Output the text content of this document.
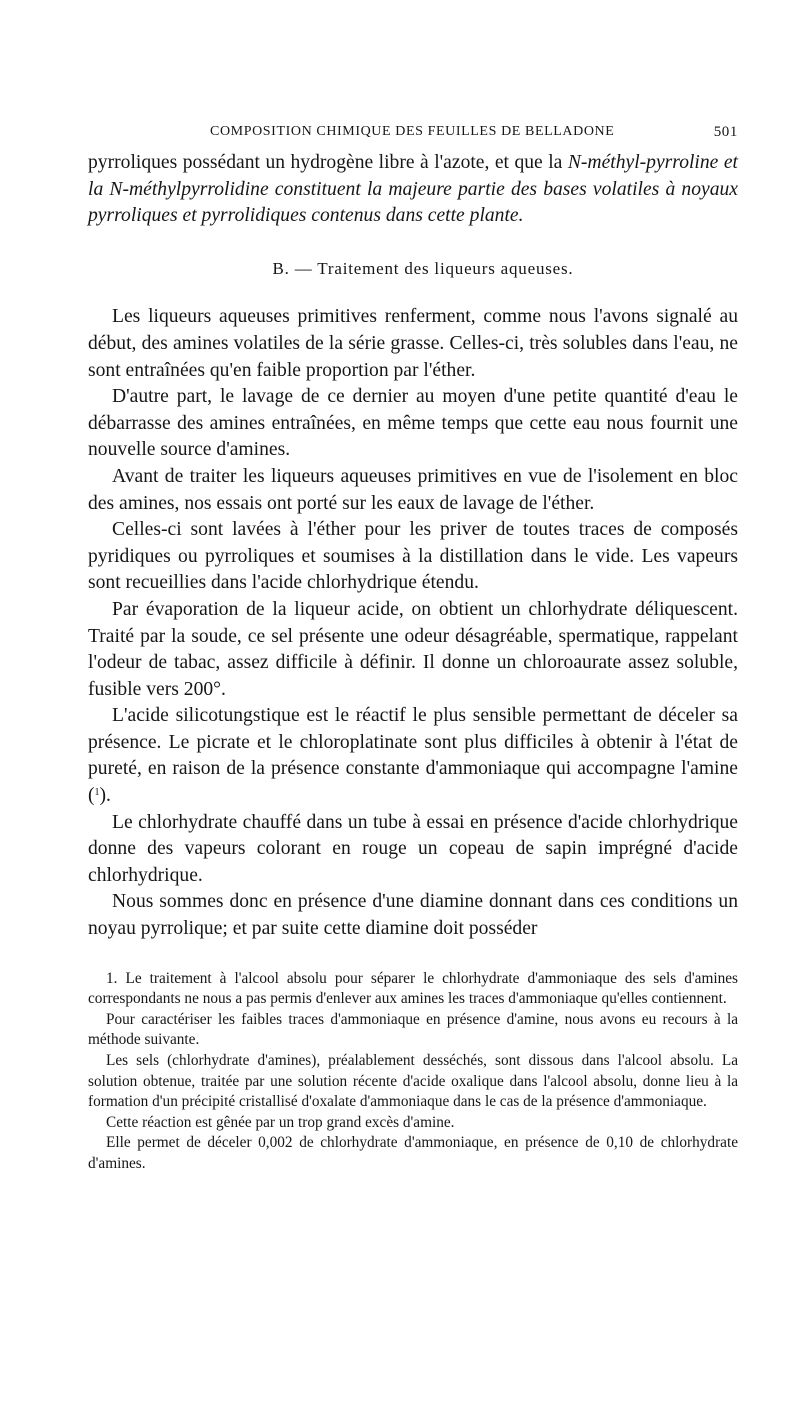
COMPOSITION CHIMIQUE DES FEUILLES DE BELLADONE	501

pyrroliques possédant un hydrogène libre à l'azote, et que la N-méthyl-pyrroline et la N-méthylpyrrolidine constituent la majeure partie des bases volatiles à noyaux pyrroliques et pyrrolidiques contenus dans cette plante.

B. — Traitement des liqueurs aqueuses.

Les liqueurs aqueuses primitives renferment, comme nous l'avons signalé au début, des amines volatiles de la série grasse. Celles-ci, très solubles dans l'eau, ne sont entraînées qu'en faible proportion par l'éther.

D'autre part, le lavage de ce dernier au moyen d'une petite quantité d'eau le débarrasse des amines entraînées, en même temps que cette eau nous fournit une nouvelle source d'amines.

Avant de traiter les liqueurs aqueuses primitives en vue de l'isolement en bloc des amines, nos essais ont porté sur les eaux de lavage de l'éther.

Celles-ci sont lavées à l'éther pour les priver de toutes traces de composés pyridiques ou pyrroliques et soumises à la distillation dans le vide. Les vapeurs sont recueillies dans l'acide chlorhydrique étendu.

Par évaporation de la liqueur acide, on obtient un chlorhydrate déliquescent. Traité par la soude, ce sel présente une odeur désagréable, spermatique, rappelant l'odeur de tabac, assez difficile à définir. Il donne un chloroaurate assez soluble, fusible vers 200°.

L'acide silicotungstique est le réactif le plus sensible permettant de déceler sa présence. Le picrate et le chloroplatinate sont plus difficiles à obtenir à l'état de pureté, en raison de la présence constante d'ammoniaque qui accompagne l'amine ($^1$).

Le chlorhydrate chauffé dans un tube à essai en présence d'acide chlorhydrique donne des vapeurs colorant en rouge un copeau de sapin imprégné d'acide chlorhydrique.

Nous sommes donc en présence d'une diamine donnant dans ces conditions un noyau pyrrolique; et par suite cette diamine doit posséder

1. Le traitement à l'alcool absolu pour séparer le chlorhydrate d'ammoniaque des sels d'amines correspondants ne nous a pas permis d'enlever aux amines les traces d'ammoniaque qu'elles contiennent.

Pour caractériser les faibles traces d'ammoniaque en présence d'amine, nous avons eu recours à la méthode suivante.

Les sels (chlorhydrate d'amines), préalablement desséchés, sont dissous dans l'alcool absolu. La solution obtenue, traitée par une solution récente d'acide oxalique dans l'alcool absolu, donne lieu à la formation d'un précipité cristallisé d'oxalate d'ammoniaque dans le cas de la présence d'ammoniaque.

Cette réaction est gênée par un trop grand excès d'amine.

Elle permet de déceler 0,002 de chlorhydrate d'ammoniaque, en présence de 0,10 de chlorhydrate d'amines.
